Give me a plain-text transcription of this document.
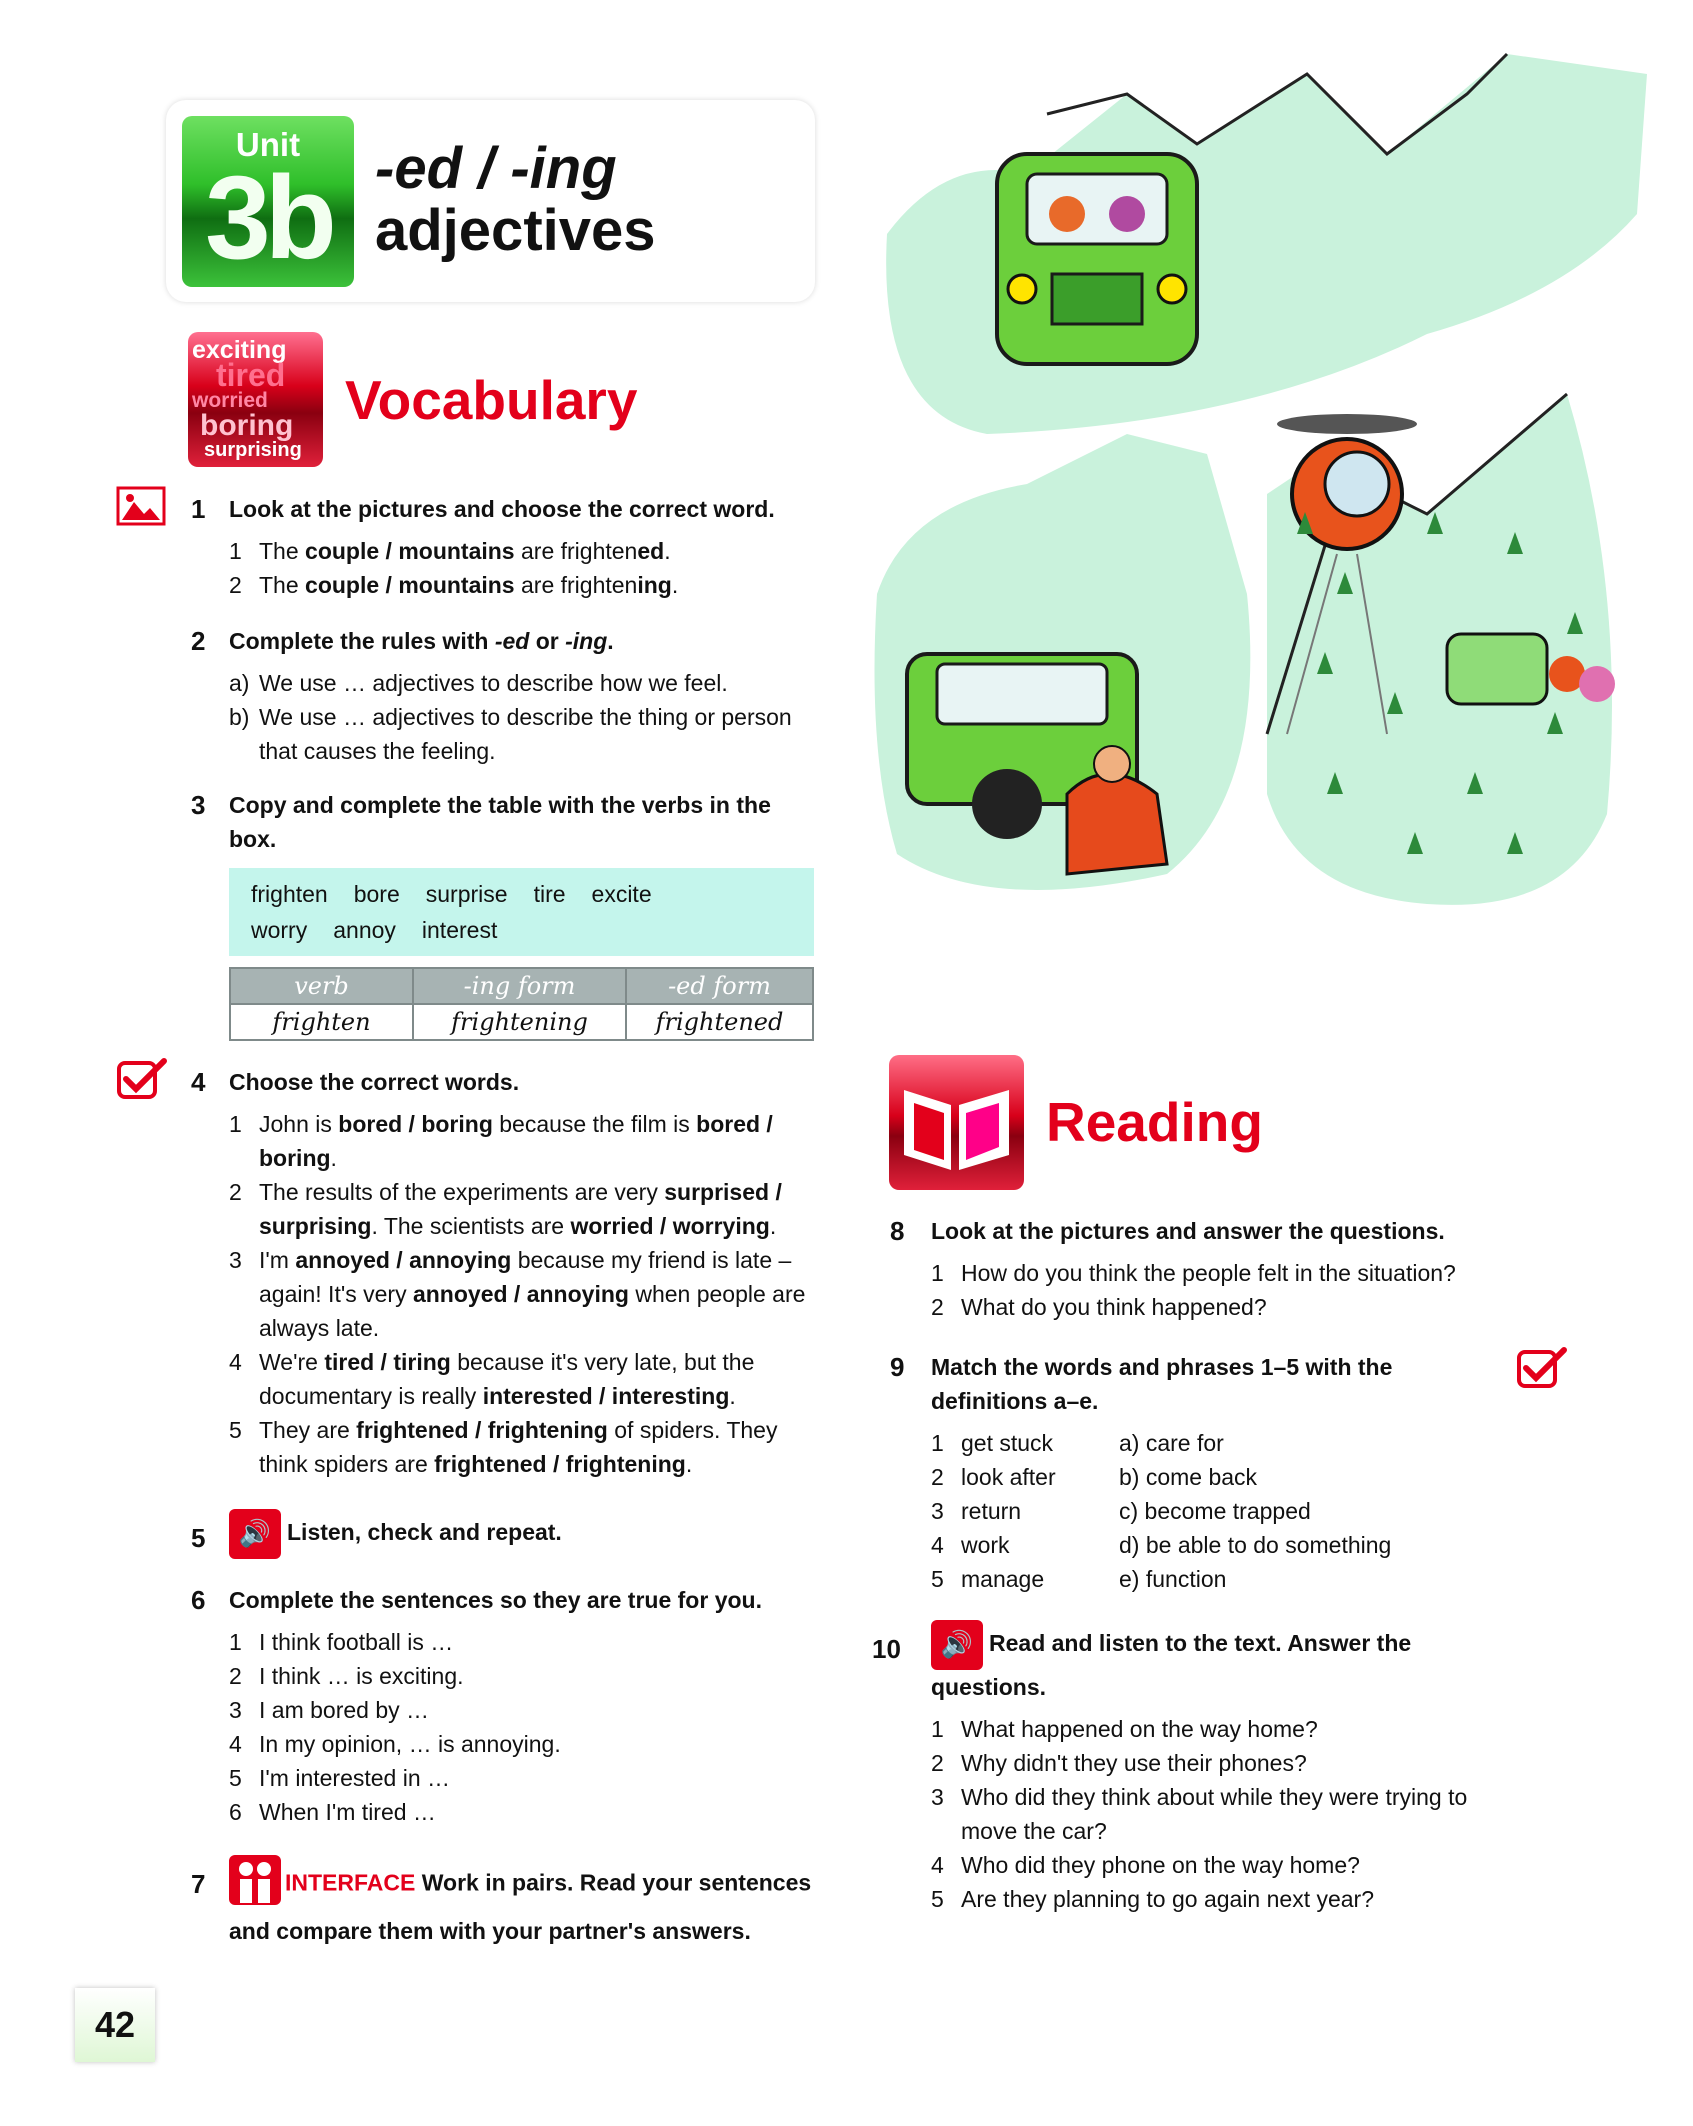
Unit
3b -ed / -ing
adjectives
exciting
tired
worried
boring
surprising
Vocabulary
1 Look at the pictures and choose the correct word.
1 The couple / mountains are frightened.
2 The couple / mountains are frightening.
2 Complete the rules with -ed or -ing.
a) We use … adjectives to describe how we feel.
b) We use … adjectives to describe the thing or person that causes the feeling.
3 Copy and complete the table with the verbs in the box.
frighten bore surprise tire excite
worry annoy interest
verb	-ing form	-ed form
frighten	frightening	frightened
4 Choose the correct words.
1 John is bored / boring because the film is bored / boring.
2 The results of the experiments are very surprised / surprising. The scientists are worried / worrying.
3 I'm annoyed / annoying because my friend is late – again! It's very annoyed / annoying when people are always late.
4 We're tired / tiring because it's very late, but the documentary is really interested / interesting.
5 They are frightened / frightening of spiders. They think spiders are frightened / frightening.
5	🔊 Listen, check and repeat.
6 Complete the sentences so they are true for you.
1 I think football is …
2 I think … is exciting.
3 I am bored by …
4 In my opinion, … is annoying.
5 I'm interested in …
6 When I'm tired …
7	INTERFACE Work in pairs. Read your sentences and compare them with your partner's answers.
Reading
8 Look at the pictures and answer the questions.
1 How do you think the people felt in the situation?
2 What do you think happened?
9 Match the words and phrases 1–5 with the definitions a–e.
1 get stuck	a) care for
2 look after	b) come back
3 return	c) become trapped
4 work	d) be able to do something
5 manage	e) function
10	🔊 Read and listen to the text. Answer the questions.
1 What happened on the way home?
2 Why didn't they use their phones?
3 Who did they think about while they were trying to move the car?
4 Who did they phone on the way home?
5 Are they planning to go again next year?
42
